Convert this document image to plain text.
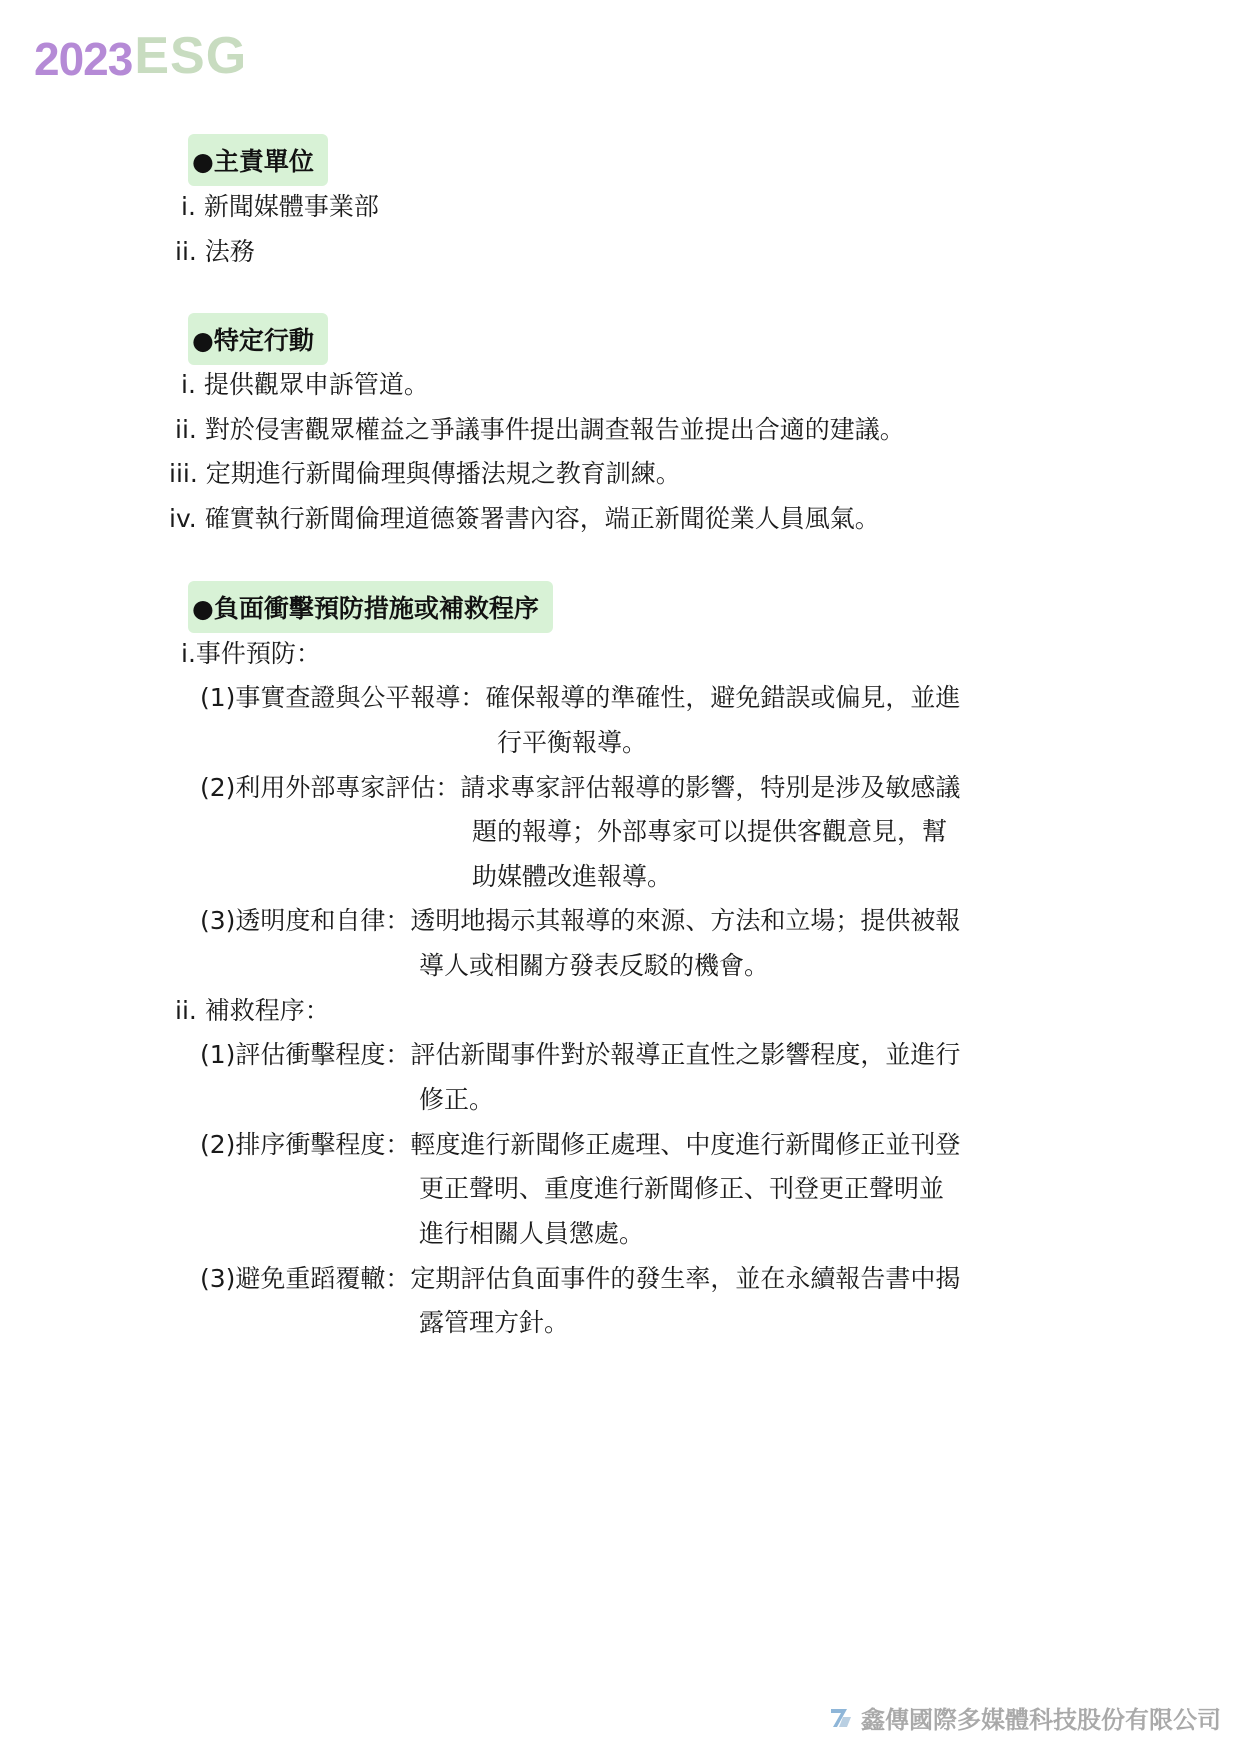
2023 ESG
●主責單位
i. 新聞媒體事業部
ii. 法務
●特定行動
i. 提供觀眾申訴管道。
ii. 對於侵害觀眾權益之爭議事件提出調查報告並提出合適的建議。
iii. 定期進行新聞倫理與傳播法規之教育訓練。
iv. 確實執行新聞倫理道德簽署書內容，端正新聞從業人員風氣。
●負面衝擊預防措施或補救程序
i.事件預防：
(1)事實查證與公平報導：確保報導的準確性，避免錯誤或偏見，並進
行平衡報導。
(2)利用外部專家評估：請求專家評估報導的影響，特別是涉及敏感議
題的報導；外部專家可以提供客觀意見，幫
助媒體改進報導。
(3)透明度和自律：透明地揭示其報導的來源、方法和立場；提供被報
導人或相關方發表反駁的機會。
ii. 補救程序：
(1)評估衝擊程度：評估新聞事件對於報導正直性之影響程度，並進行
修正。
(2)排序衝擊程度：輕度進行新聞修正處理、中度進行新聞修正並刊登
更正聲明、重度進行新聞修正、刊登更正聲明並
進行相關人員懲處。
(3)避免重蹈覆轍：定期評估負面事件的發生率，並在永續報告書中揭
露管理方針。
鑫傳國際多媒體科技股份有限公司
